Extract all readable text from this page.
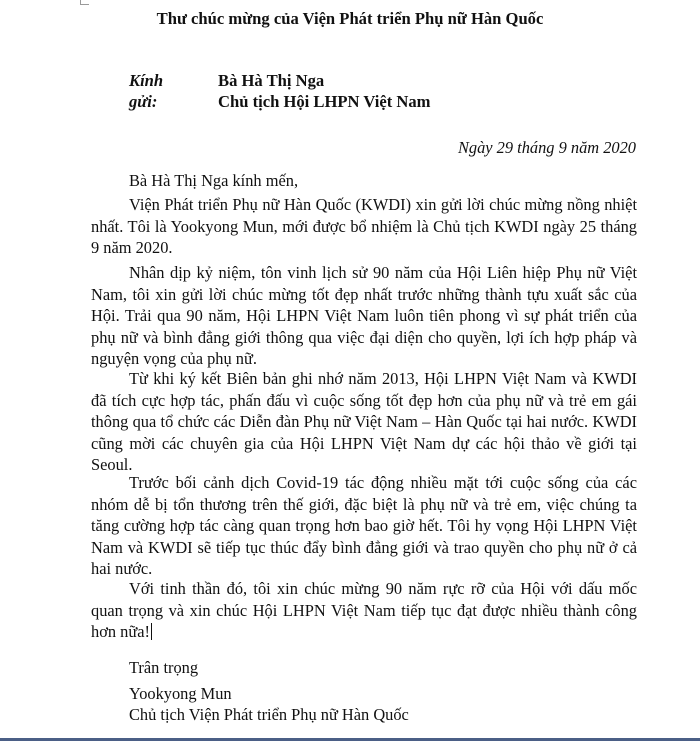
Thư chúc mừng của Viện Phát triển Phụ nữ Hàn Quốc
Kính gửi:
Bà Hà Thị Nga
Chủ tịch Hội LHPN Việt Nam
Ngày 29 tháng 9 năm 2020
Bà Hà Thị Nga kính mến,

Viện Phát triển Phụ nữ Hàn Quốc (KWDI) xin gửi lời chúc mừng nồng nhiệt nhất. Tôi là Yookyong Mun, mới được bổ nhiệm là Chủ tịch KWDI ngày 25 tháng 9 năm 2020.

Nhân dịp kỷ niệm, tôn vinh lịch sử 90 năm của Hội Liên hiệp Phụ nữ Việt Nam, tôi xin gửi lời chúc mừng tốt đẹp nhất trước những thành tựu xuất sắc của Hội. Trải qua 90 năm, Hội LHPN Việt Nam luôn tiên phong vì sự phát triển của phụ nữ và bình đẳng giới thông qua việc đại diện cho quyền, lợi ích hợp pháp và nguyện vọng của phụ nữ.

Từ khi ký kết Biên bản ghi nhớ năm 2013, Hội LHPN Việt Nam và KWDI đã tích cực hợp tác, phấn đấu vì cuộc sống tốt đẹp hơn của phụ nữ và trẻ em gái thông qua tổ chức các Diễn đàn Phụ nữ Việt Nam – Hàn Quốc tại hai nước. KWDI cũng mời các chuyên gia của Hội LHPN Việt Nam dự các hội thảo về giới tại Seoul.

Trước bối cảnh dịch Covid-19 tác động nhiều mặt tới cuộc sống của các nhóm dễ bị tổn thương trên thế giới, đặc biệt là phụ nữ và trẻ em, việc chúng ta tăng cường hợp tác càng quan trọng hơn bao giờ hết. Tôi hy vọng Hội LHPN Việt Nam và KWDI sẽ tiếp tục thúc đẩy bình đẳng giới và trao quyền cho phụ nữ ở cả hai nước.

Với tinh thần đó, tôi xin chúc mừng 90 năm rực rỡ của Hội với dấu mốc quan trọng và xin chúc Hội LHPN Việt Nam tiếp tục đạt được nhiều thành công hơn nữa!

Trân trọng
Yookyong Mun
Chủ tịch Viện Phát triển Phụ nữ Hàn Quốc
